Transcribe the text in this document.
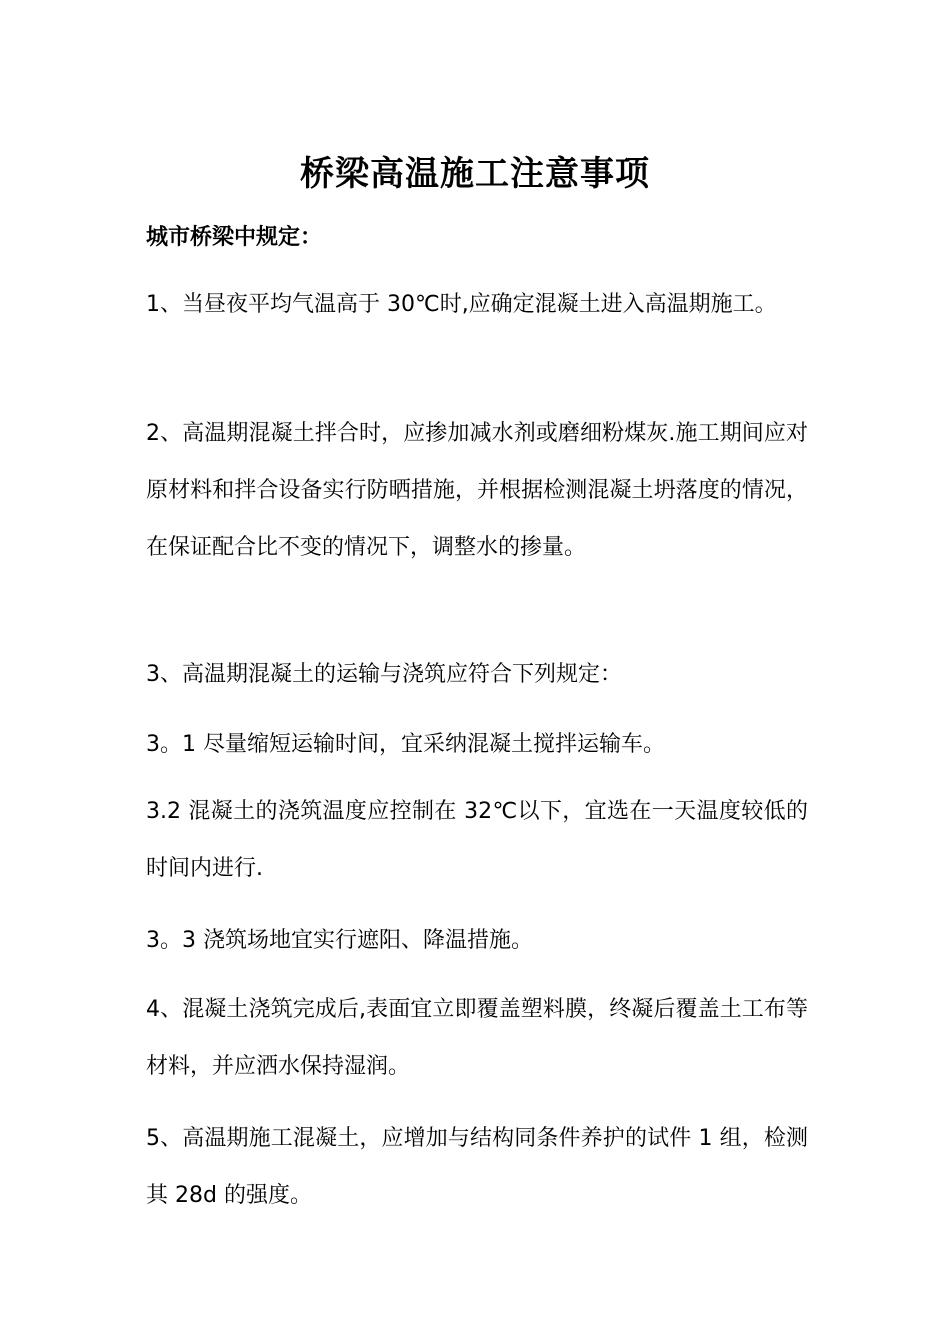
桥梁高温施工注意事项
城市桥梁中规定：

1、当昼夜平均气温高于 30℃时,应确定混凝土进入高温期施工。

2、高温期混凝土拌合时，应掺加减水剂或磨细粉煤灰.施工期间应对原材料和拌合设备实行防晒措施，并根据检测混凝土坍落度的情况，在保证配合比不变的情况下，调整水的掺量。

3、高温期混凝土的运输与浇筑应符合下列规定：

3。1 尽量缩短运输时间，宜采纳混凝土搅拌运输车。

3.2 混凝土的浇筑温度应控制在 32℃以下，宜选在一天温度较低的时间内进行.

3。3 浇筑场地宜实行遮阳、降温措施。

4、混凝土浇筑完成后,表面宜立即覆盖塑料膜，终凝后覆盖土工布等材料，并应洒水保持湿润。

5、高温期施工混凝土，应增加与结构同条件养护的试件 1 组，检测其 28d 的强度。
